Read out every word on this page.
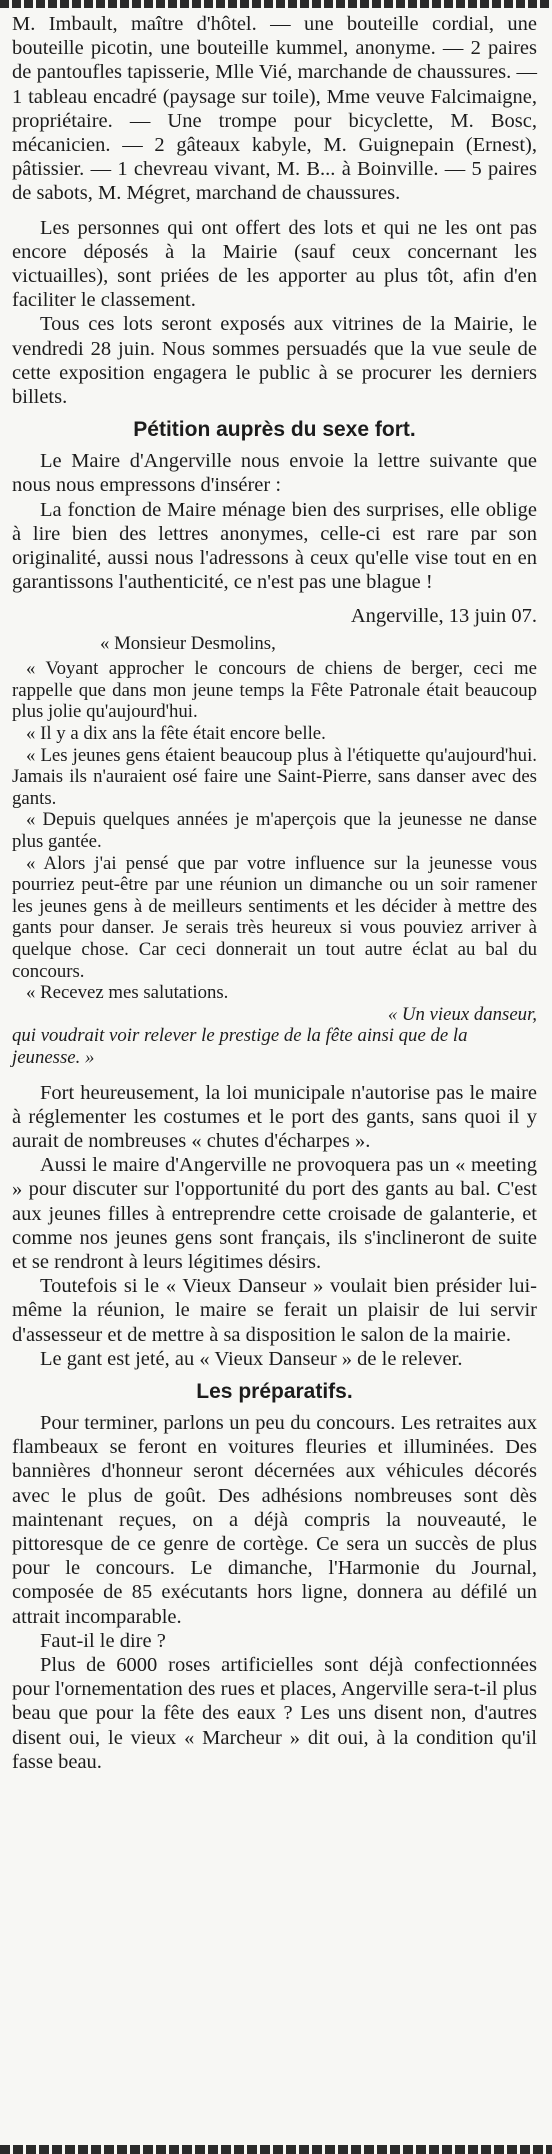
M. Imbault, maître d'hôtel. — une bouteille cordial, une bouteille picotin, une bouteille kummel, anonyme. — 2 paires de pantoufles tapisserie, Mlle Vié, marchande de chaussures. — 1 tableau encadré (paysage sur toile), Mme veuve Falcimaigne, propriétaire. — Une trompe pour bicyclette, M. Bosc, mécanicien. — 2 gâteaux kabyle, M. Guignepain (Ernest), pâtissier. — 1 chevreau vivant, M. B... à Boinville. — 5 paires de sabots, M. Mégret, marchand de chaussures.

Les personnes qui ont offert des lots et qui ne les ont pas encore déposés à la Mairie (sauf ceux concernant les victuailles), sont priées de les apporter au plus tôt, afin d'en faciliter le classement.

Tous ces lots seront exposés aux vitrines de la Mairie, le vendredi 28 juin. Nous sommes persuadés que la vue seule de cette exposition engagera le public à se procurer les derniers billets.

Pétition auprès du sexe fort.

Le Maire d'Angerville nous envoie la lettre suivante que nous nous empressons d'insérer :

La fonction de Maire ménage bien des surprises, elle oblige à lire bien des lettres anonymes, celle-ci est rare par son originalité, aussi nous l'adressons à ceux qu'elle vise tout en en garantissons l'authenticité, ce n'est pas une blague !

Angerville, 13 juin 07.

« Monsieur Desmolins,

« Voyant approcher le concours de chiens de berger, ceci me rappelle que dans mon jeune temps la Fête Patronale était beaucoup plus jolie qu'aujourd'hui.

« Il y a dix ans la fête était encore belle.

« Les jeunes gens étaient beaucoup plus à l'étiquette qu'aujourd'hui. Jamais ils n'auraient osé faire une Saint-Pierre, sans danser avec des gants.

« Depuis quelques années je m'aperçois que la jeunesse ne danse plus gantée.

« Alors j'ai pensé que par votre influence sur la jeunesse vous pourriez peut-être par une réunion un dimanche ou un soir ramener les jeunes gens à de meilleurs sentiments et les décider à mettre des gants pour danser. Je serais très heureux si vous pouviez arriver à quelque chose. Car ceci donnerait un tout autre éclat au bal du concours.

« Recevez mes salutations.

« Un vieux danseur,

qui voudrait voir relever le prestige de la fête ainsi que de la jeunesse. »

Fort heureusement, la loi municipale n'autorise pas le maire à réglementer les costumes et le port des gants, sans quoi il y aurait de nombreuses « chutes d'écharpes ».

Aussi le maire d'Angerville ne provoquera pas un « meeting » pour discuter sur l'opportunité du port des gants au bal. C'est aux jeunes filles à entreprendre cette croisade de galanterie, et comme nos jeunes gens sont français, ils s'inclineront de suite et se rendront à leurs légitimes désirs.

Toutefois si le « Vieux Danseur » voulait bien présider lui-même la réunion, le maire se ferait un plaisir de lui servir d'assesseur et de mettre à sa disposition le salon de la mairie.

Le gant est jeté, au « Vieux Danseur » de le relever.

Les préparatifs.

Pour terminer, parlons un peu du concours. Les retraites aux flambeaux se feront en voitures fleuries et illuminées. Des bannières d'honneur seront décernées aux véhicules décorés avec le plus de goût. Des adhésions nombreuses sont dès maintenant reçues, on a déjà compris la nouveauté, le pittoresque de ce genre de cortège. Ce sera un succès de plus pour le concours. Le dimanche, l'Harmonie du Journal, composée de 85 exécutants hors ligne, donnera au défilé un attrait incomparable.

Faut-il le dire ?

Plus de 6000 roses artificielles sont déjà confectionnées pour l'ornementation des rues et places, Angerville sera-t-il plus beau que pour la fête des eaux ? Les uns disent non, d'autres disent oui, le vieux « Marcheur » dit oui, à la condition qu'il fasse beau.
